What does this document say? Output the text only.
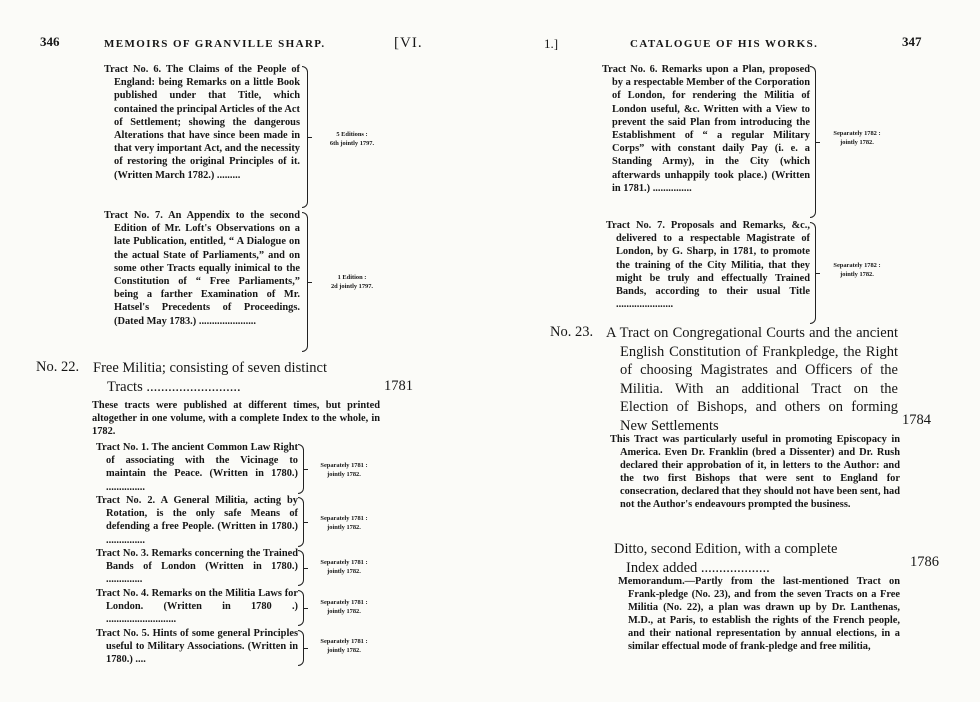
346	MEMOIRS OF GRANVILLE SHARP.	[VI.
Tract No. 6. The Claims of the People of England: being Remarks on a little Book published under that Title, which contained the principal Articles of the Act of Settlement; showing the dangerous Alterations that have since been made in that very important Act, and the necessity of restoring the original Principles of it. (Written March 1782.) .........
5 Editions :
6th jointly 1797.
Tract No. 7. An Appendix to the second Edition of Mr. Loft's Observations on a late Publication, entitled, “ A Dialogue on the actual State of Parliaments,” and on some other Tracts equally inimical to the Constitution of “ Free Parliaments,” being a farther Examination of Mr. Hatsel's Precedents of Proceedings. (Dated May 1783.) ......................
1 Edition :
2d jointly 1797.
No. 22. Free Militia; consisting of seven distinct
Tracts ..........................	1781
These tracts were published at different times, but printed altogether in one volume, with a complete Index to the whole, in 1782.
Tract No. 1. The ancient Common Law Right of associating with the Vicinage to maintain the Peace. (Written in 1780.) ...............
Separately 1781 :
jointly 1782.
Tract No. 2. A General Militia, acting by Rotation, is the only safe Means of defending a free People. (Written in 1780.) ...............
Separately 1781 :
jointly 1782.
Tract No. 3. Remarks concerning the Trained Bands of London (Written in 1780.) ..............
Separately 1781 :
jointly 1782.
Tract No. 4. Remarks on the Militia Laws for London. (Written in 1780 .) ...........................
Separately 1781 :
jointly 1782.
Tract No. 5. Hints of some general Principles useful to Military Associations. (Written in 1780.) ....
Separately 1781 :
jointly 1782.
1.]	CATALOGUE OF HIS WORKS.	347
Tract No. 6. Remarks upon a Plan, proposed by a respectable Member of the Corporation of London, for rendering the Militia of London useful, &c. Written with a View to prevent the said Plan from introducing the Establishment of “ a regular Military Corps” with constant daily Pay (i. e. a Standing Army), in the City (which afterwards unhappily took place.) (Written in 1781.) ...............
Separately 1782 :
jointly 1782.
Tract No. 7. Proposals and Remarks, &c., delivered to a respectable Magistrate of London, by G. Sharp, in 1781, to promote the training of the City Militia, that they might be truly and effectually Trained Bands, according to their usual Title ......................
Separately 1782 :
jointly 1782.
No. 23. A Tract on Congregational Courts and the ancient English Constitution of Frankpledge, the Right of choosing Magistrates and Officers of the Militia. With an additional Tract on the Election of Bishops, and others on forming New Settlements	1784
This Tract was particularly useful in promoting Episcopacy in America. Even Dr. Franklin (bred a Dissenter) and Dr. Rush declared their approbation of it, in letters to the Author: and the two first Bishops that were sent to England for consecration, declared that they should not have been sent, had not the Author's endeavours prompted the business.
Ditto, second Edition, with a complete
Index added ...................	1786
Memorandum.—Partly from the last-mentioned Tract on Frank-pledge (No. 23), and from the seven Tracts on a Free Militia (No. 22), a plan was drawn up by Dr. Lanthenas, M.D., at Paris, to establish the rights of the French people, and their national representation by annual elections, in a similar effectual mode of frank-pledge and free militia,
